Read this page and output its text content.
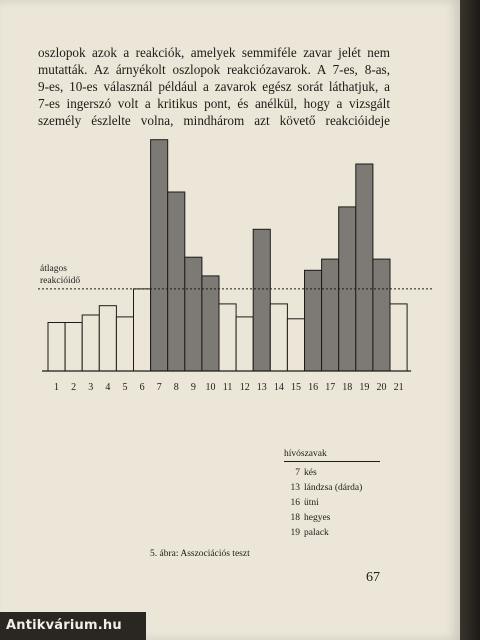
oszlopok azok a reakciók, amelyek semmiféle zavar jelét nem
mutatták. Az árnyékolt oszlopok reakciózavarok. A 7-es, 8-as,
9-es, 10-es válasznál például a zavarok egész sorát láthatjuk, a
7-es ingerszó volt a kritikus pont, és anélkül, hogy a vizsgált
személy észlelte volna, mindhárom azt követő reakcióideje
átlagos
reakcióidő
1 2 3 4 5 6 7 8 9 10 11 12 13 14 15 16 17 18 19 20 21
hívószavak
7 kés
13 lándzsa (dárda)
16 ütni
18 hegyes
19 palack
5. ábra: Asszociációs teszt
67
Antikvárium.hu
